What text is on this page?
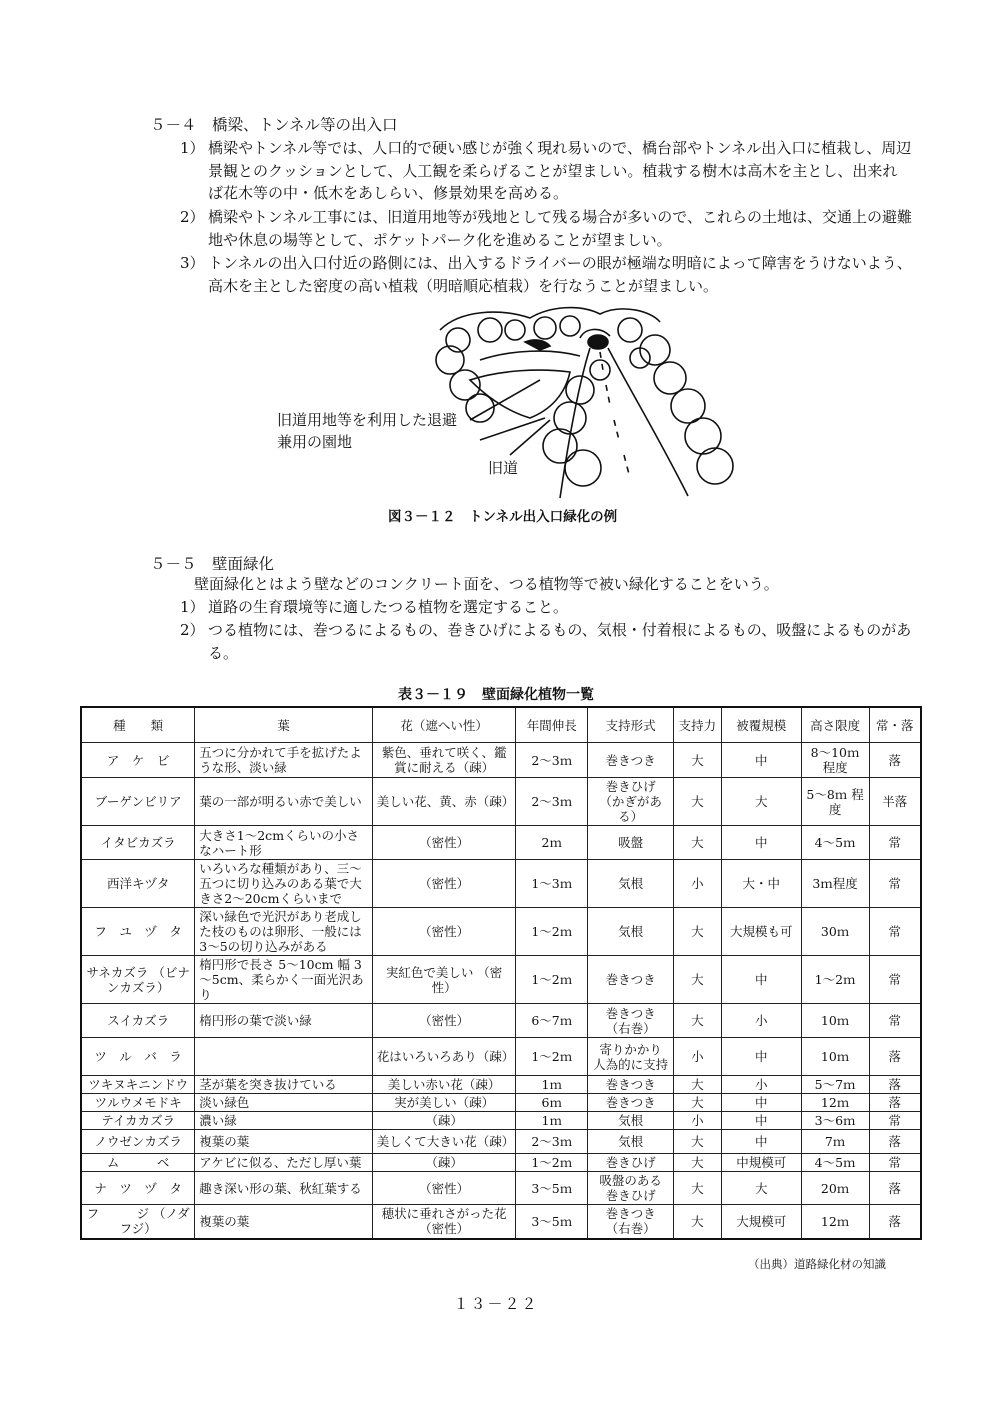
５－４　橋梁、トンネル等の出入口
1） 橋梁やトンネル等では、人口的で硬い感じが強く現れ易いので、橋台部やトンネル出入口に植栽し、周辺景観とのクッションとして、人工観を柔らげることが望ましい。植栽する樹木は高木を主とし、出来れば花木等の中・低木をあしらい、修景効果を高める。
2） 橋梁やトンネル工事には、旧道用地等が残地として残る場合が多いので、これらの土地は、交通上の避難地や休息の場等として、ポケットパーク化を進めることが望ましい。
3） トンネルの出入口付近の路側には、出入するドライバーの眼が極端な明暗によって障害をうけないよう、高木を主とした密度の高い植栽（明暗順応植栽）を行なうことが望ましい。
旧道用地等を利用した退避
兼用の園地
旧道
図３－１２　トンネル出入口緑化の例
５－５　壁面緑化
壁面緑化とはよう壁などのコンクリート面を、つる植物等で被い緑化することをいう。
1） 道路の生育環境等に適したつる植物を選定すること。
2） つる植物には、巻つるによるもの、巻きひげによるもの、気根・付着根によるもの、吸盤によるものがある。
表３－１９　壁面緑化植物一覧
種　　類	葉	花（遮へい性）	年間伸長	支持形式	支持力	被覆規模	高さ限度	常・落
ア　ケ　ビ	五つに分かれて手を拡げたような形、淡い緑	紫色、垂れて咲く、鑑賞に耐える（疎）	2～3ｍ	巻きつき	大	中	8～10ｍ 程度	落
ブーゲンビリア	葉の一部が明るい赤で美しい	美しい花、黄、赤（疎）	2～3ｍ	巻きひげ （かぎがある）	大	大	5～8ｍ 程度	半落
イタビカズラ	大きさ1～2cmくらいの小さなハート形	（密性）	2ｍ	吸盤	大	中	4～5ｍ	常
西洋キヅタ	いろいろな種類があり、三～五つに切り込みのある葉で大きさ2～20cmくらいまで	（密性）	1～3ｍ	気根	小	大・中	3ｍ程度	常
フ　ユ　ヅ　タ	深い緑色で光沢があり老成した枝のものは卵形、一般には3～5の切り込みがある	（密性）	1～2ｍ	気根	大	大規模も可	30ｍ	常
サネカズラ （ビナンカズラ）	楕円形で長さ 5～10cm 幅 3～5cm、柔らかく一面光沢あり	実紅色で美しい （密性）	1～2ｍ	巻きつき	大	中	1～2ｍ	常
スイカズラ	楕円形の葉で淡い緑	（密性）	6～7ｍ	巻きつき （右巻）	大	小	10ｍ	常
ツ　ル　バ　ラ		花はいろいろあり（疎）	1～2ｍ	寄りかかり 人為的に支持	小	中	10ｍ	落
ツキヌキニンドウ	茎が葉を突き抜けている	美しい赤い花（疎）	1ｍ	巻きつき	大	小	5～7ｍ	落
ツルウメモドキ	淡い緑色	実が美しい（疎）	6ｍ	巻きつき	大	中	12ｍ	落
テイカカズラ	濃い緑	（疎）	1ｍ	気根	小	中	3～6ｍ	常
ノウゼンカズラ	複葉の葉	美しくて大きい花（疎）	2～3ｍ	気根	大	中	7ｍ	落
ム　　　ベ	アケビに似る、ただし厚い葉	（疎）	1～2ｍ	巻きひげ	大	中規模可	4～5ｍ	常
ナ　ツ　ヅ　タ	趣き深い形の葉、秋紅葉する	（密性）	3～5ｍ	吸盤のある 巻きひげ	大	大	20ｍ	落
フ　　　ジ （ノダフジ）	複葉の葉	穂状に垂れさがった花 （密性）	3～5ｍ	巻きつき （右巻）	大	大規模可	12ｍ	落
（出典）道路緑化材の知識
１３－２２
